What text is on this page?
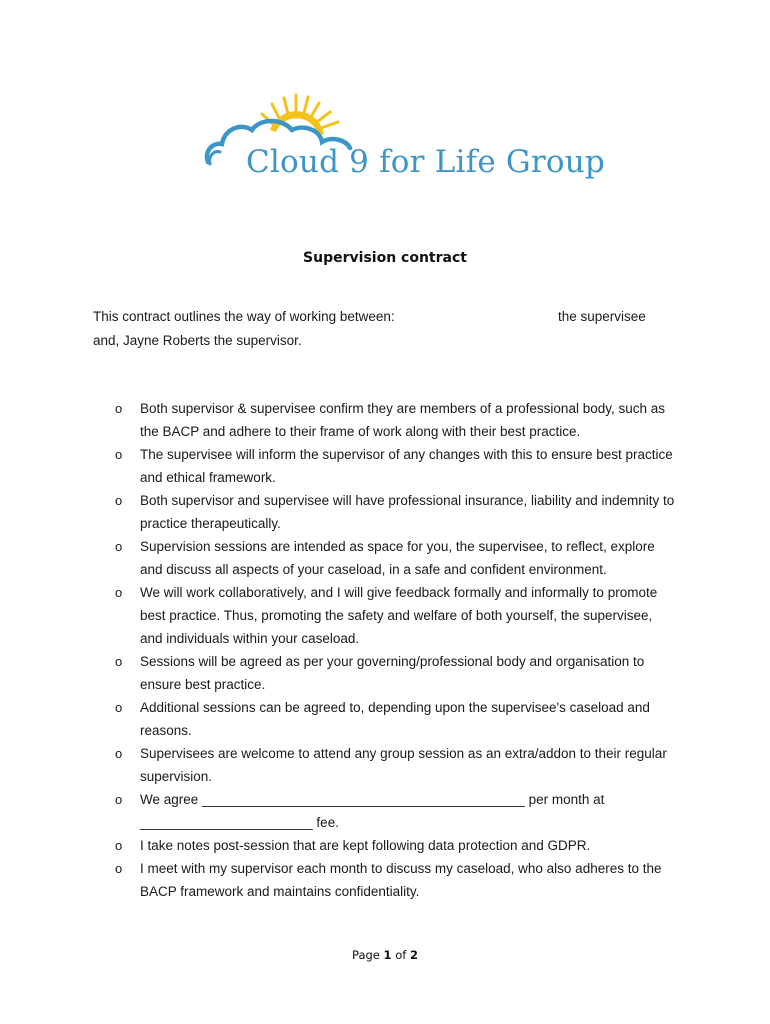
Cloud 9 for Life Group
Supervision contract
This contract outlines the way of working between:	the supervisee
and, Jayne Roberts the supervisor.
o Both supervisor & supervisee confirm they are members of a professional body, such as the BACP and adhere to their frame of work along with their best practice.
o The supervisee will inform the supervisor of any changes with this to ensure best practice and ethical framework.
o Both supervisor and supervisee will have professional insurance, liability and indemnity to practice therapeutically.
o Supervision sessions are intended as space for you, the supervisee, to reflect, explore and discuss all aspects of your caseload, in a safe and confident environment.
o We will work collaboratively, and I will give feedback formally and informally to promote best practice. Thus, promoting the safety and welfare of both yourself, the supervisee, and individuals within your caseload.
o Sessions will be agreed as per your governing/professional body and organisation to ensure best practice.
o Additional sessions can be agreed to, depending upon the supervisee's caseload and reasons.
o Supervisees are welcome to attend any group session as an extra/addon to their regular supervision.
o We agree ___________________________________________ per month at _______________________ fee.
o I take notes post-session that are kept following data protection and GDPR.
o I meet with my supervisor each month to discuss my caseload, who also adheres to the BACP framework and maintains confidentiality.
Page 1 of 2
